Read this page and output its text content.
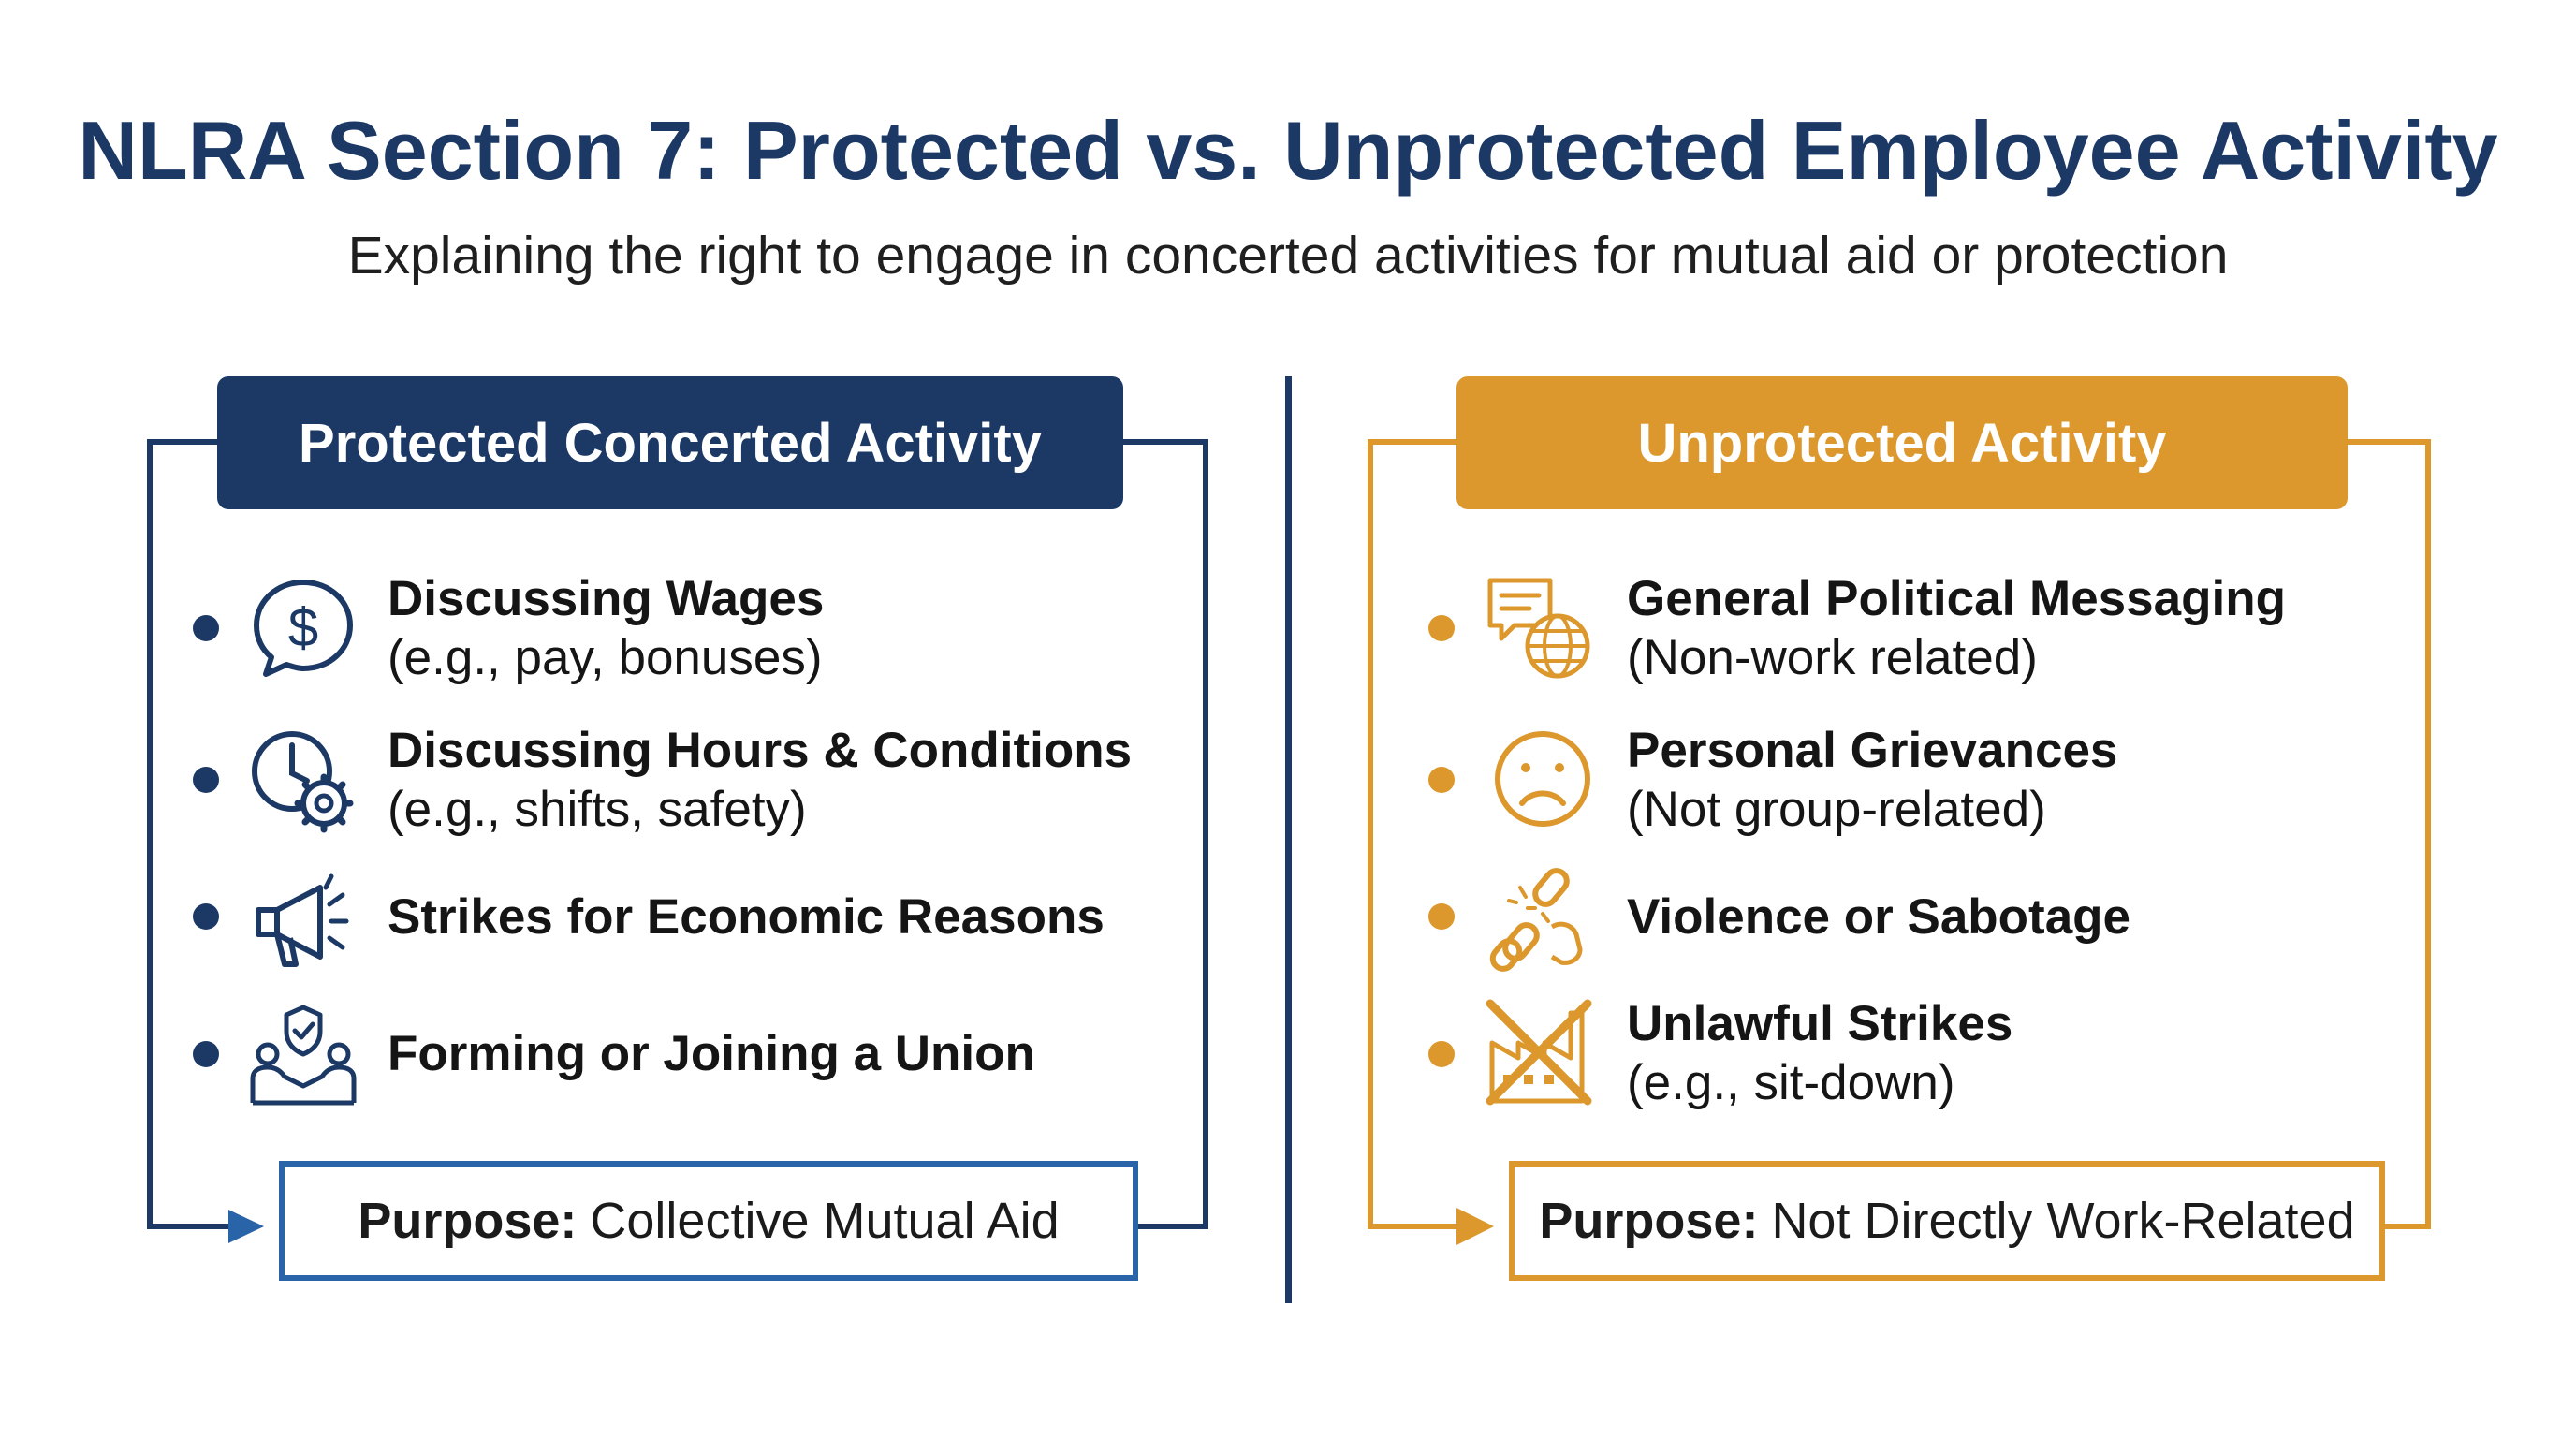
NLRA Section 7: Protected vs. Unprotected Employee Activity
Explaining the right to engage in concerted activities for mutual aid or protection
Protected Concerted Activity	Unprotected Activity
$ Discussing Wages
(e.g., pay, bonuses)
Discussing Hours & Conditions
(e.g., shifts, safety)
Strikes for Economic Reasons
Forming or Joining a Union
General Political Messaging
(Non-work related)
Personal Grievances
(Not group-related)
Violence or Sabotage
Unlawful Strikes
(e.g., sit-down)
Purpose: Collective Mutual Aid	Purpose: Not Directly Work-Related
